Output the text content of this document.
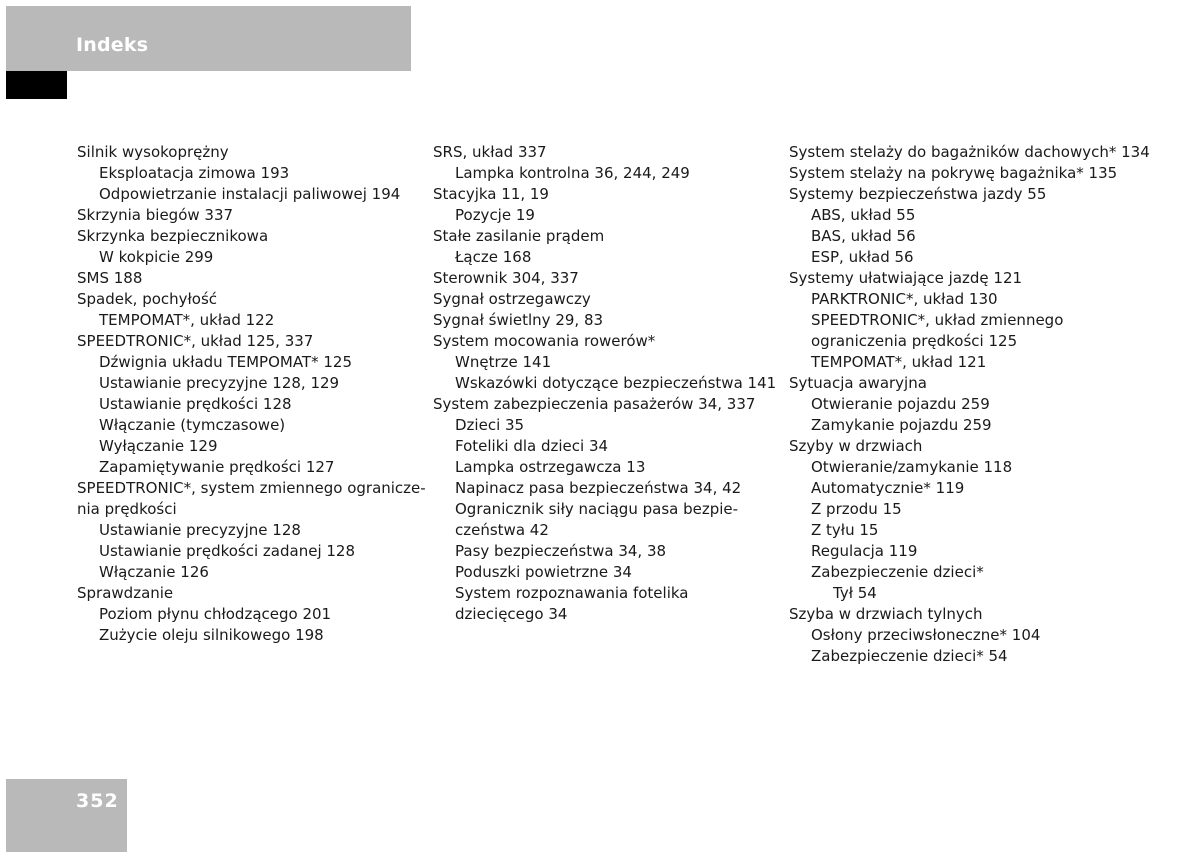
Indeks
Silnik wysokoprężny
Eksploatacja zimowa 193
Odpowietrzanie instalacji paliwowej 194
Skrzynia biegów 337
Skrzynka bezpiecznikowa
W kokpicie 299
SMS 188
Spadek, pochyłość
TEMPOMAT*, układ 122
SPEEDTRONIC*, układ 125, 337
Dźwignia układu TEMPOMAT* 125
Ustawianie precyzyjne 128, 129
Ustawianie prędkości 128
Włączanie (tymczasowe)
Wyłączanie 129
Zapamiętywanie prędkości 127
SPEEDTRONIC*, system zmiennego ogranicze-
nia prędkości
Ustawianie precyzyjne 128
Ustawianie prędkości zadanej 128
Włączanie 126
Sprawdzanie
Poziom płynu chłodzącego 201
Zużycie oleju silnikowego 198
SRS, układ 337
Lampka kontrolna 36, 244, 249
Stacyjka 11, 19
Pozycje 19
Stałe zasilanie prądem
Łącze 168
Sterownik 304, 337
Sygnał ostrzegawczy
Sygnał świetlny 29, 83
System mocowania rowerów*
Wnętrze 141
Wskazówki dotyczące bezpieczeństwa 141
System zabezpieczenia pasażerów 34, 337
Dzieci 35
Foteliki dla dzieci 34
Lampka ostrzegawcza 13
Napinacz pasa bezpieczeństwa 34, 42
Ogranicznik siły naciągu pasa bezpie-
czeństwa 42
Pasy bezpieczeństwa 34, 38
Poduszki powietrzne 34
System rozpoznawania fotelika
dziecięcego 34
System stelaży do bagażników dachowych* 134
System stelaży na pokrywę bagażnika* 135
Systemy bezpieczeństwa jazdy 55
ABS, układ 55
BAS, układ 56
ESP, układ 56
Systemy ułatwiające jazdę 121
PARKTRONIC*, układ 130
SPEEDTRONIC*, układ zmiennego
ograniczenia prędkości 125
TEMPOMAT*, układ 121
Sytuacja awaryjna
Otwieranie pojazdu 259
Zamykanie pojazdu 259
Szyby w drzwiach
Otwieranie/zamykanie 118
Automatycznie* 119
Z przodu 15
Z tyłu 15
Regulacja 119
Zabezpieczenie dzieci*
Tył 54
Szyba w drzwiach tylnych
Osłony przeciwsłoneczne* 104
Zabezpieczenie dzieci* 54
352
